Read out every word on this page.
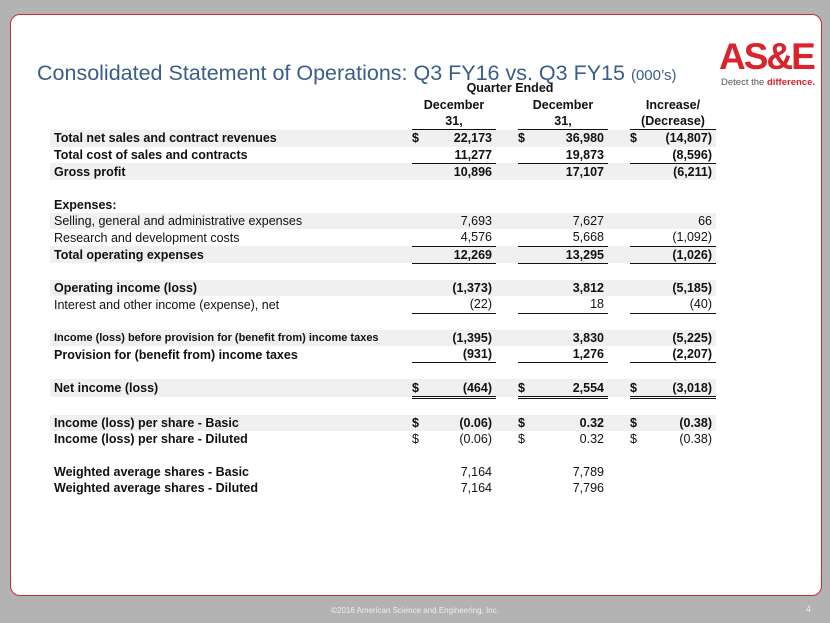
Consolidated Statement of Operations: Q3 FY16 vs. Q3 FY15 (000’s) AS&E
Detect the difference.
	Quarter Ended							
	December			December			Increase/	
	31,			31,			(Decrease)	
Total net sales and contract revenues	$	22,173		$	36,980		$	(14,807)
Total cost of sales and contracts		11,277			19,873			(8,596)
Gross profit		10,896			17,107			(6,211)

Expenses:								
Selling, general and administrative expenses		7,693			7,627			66
Research and development costs		4,576			5,668			(1,092)
Total operating expenses		12,269			13,295			(1,026)

Operating income (loss)		(1,373)			3,812			(5,185)
Interest and other income (expense), net		(22)			18			(40)

Income (loss) before provision for (benefit from) income taxes		(1,395)			3,830			(5,225)
Provision for (benefit from) income taxes		(931)			1,276			(2,207)

Net income (loss)	$	(464)		$	2,554		$	(3,018)

Income (loss) per share - Basic	$	(0.06)		$	0.32		$	(0.38)
Income (loss) per share - Diluted	$	(0.06)		$	0.32		$	(0.38)

Weighted average shares - Basic		7,164			7,789			
Weighted average shares - Diluted		7,164			7,796			
©2016 American Science and Engineering, Inc.	4
